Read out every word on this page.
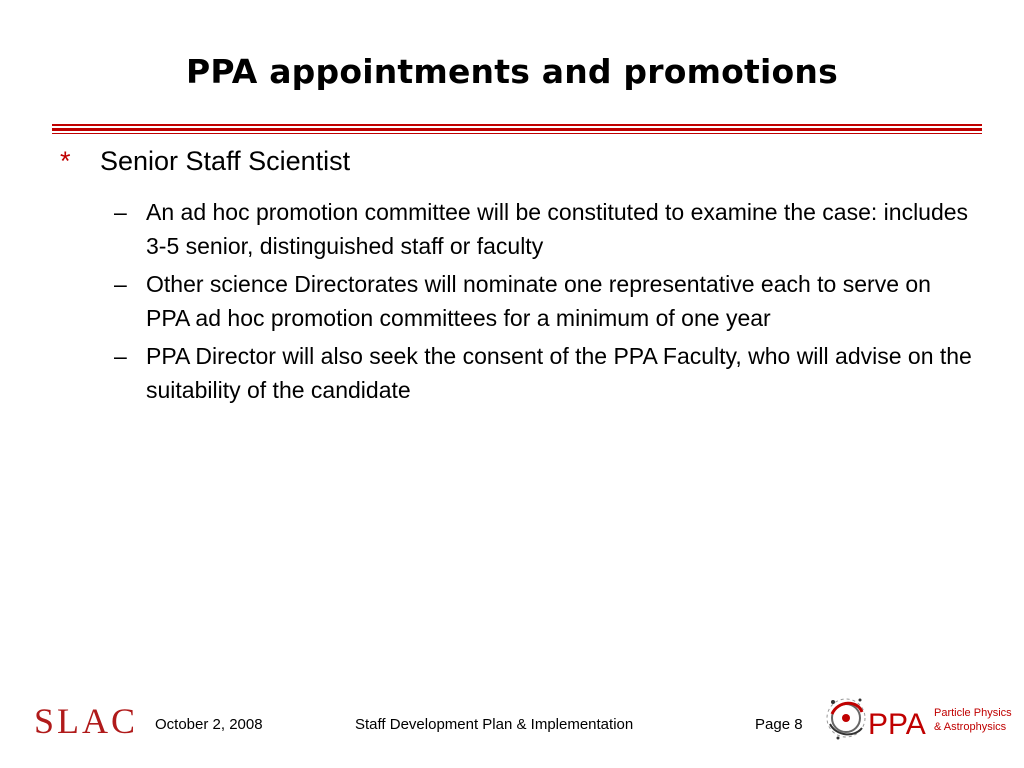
PPA appointments and promotions
* Senior Staff Scientist
– An ad hoc promotion committee will be constituted to examine the case: includes 3-5 senior, distinguished staff or faculty
– Other science Directorates will nominate one representative each to serve on PPA ad hoc promotion committees for a minimum of one year
– PPA Director will also seek the consent of the PPA Faculty, who will advise on the suitability of the candidate
SLAC October 2, 2008	Staff Development Plan & Implementation	Page 8 PPA Particle Physics
& Astrophysics
